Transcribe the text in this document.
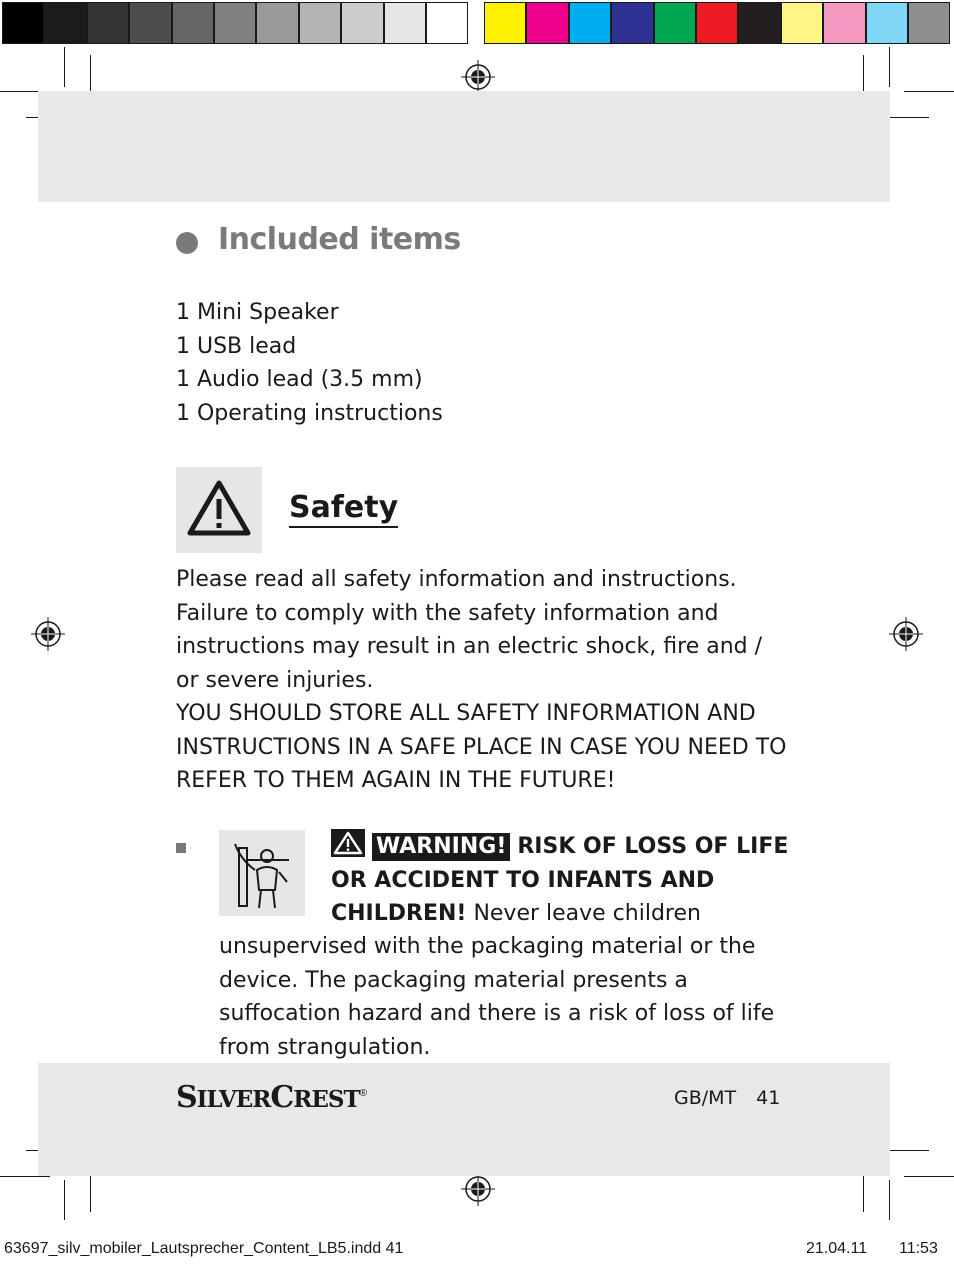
Included items
1 Mini Speaker
1 USB lead
1 Audio lead (3.5 mm)
1 Operating instructions
Safety
Please read all safety information and instructions. Failure to comply with the safety information and instructions may result in an electric shock, fire and / or severe injuries.
YOU SHOULD STORE ALL SAFETY INFORMATION AND INSTRUCTIONS IN A SAFE PLACE IN CASE YOU NEED TO REFER TO THEM AGAIN IN THE FUTURE!
WARNING! RISK OF LOSS OF LIFE OR ACCIDENT TO INFANTS AND CHILDREN! Never leave children
unsupervised with the packaging material or the device. The packaging material presents a suffocation hazard and there is a risk of loss of life from strangulation.
SILVERCREST®	GB/MT 41
63697_silv_mobiler_Lautsprecher_Content_LB5.indd 41	21.04.11 11:53
